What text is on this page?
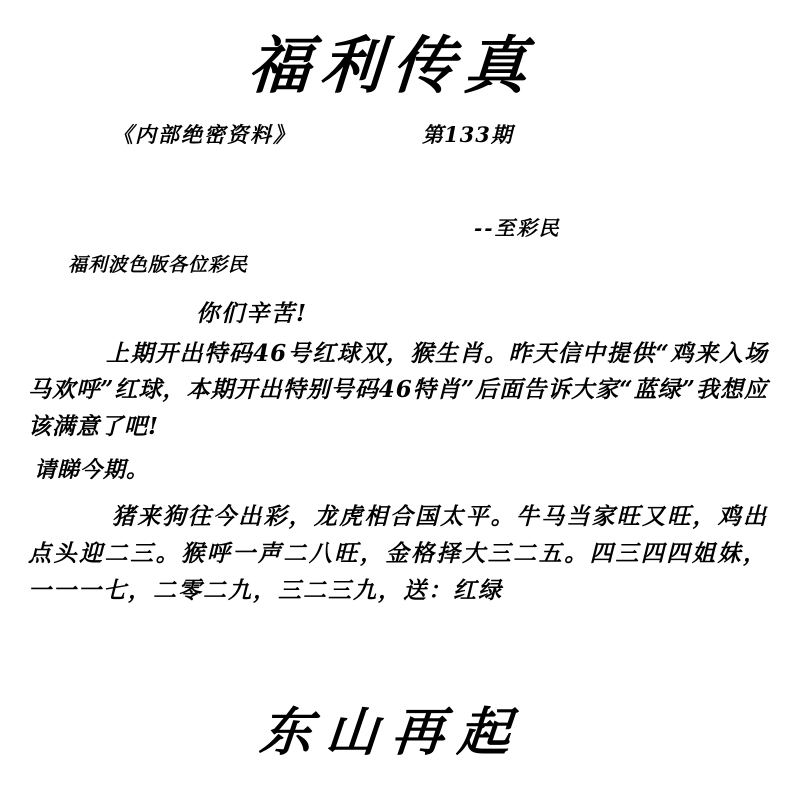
福利传真
《内部绝密资料》	第133期
--至彩民
福利波色版各位彩民

你们辛苦!

上期开出特码46号红球双，猴生肖。昨天信中提供“鸡来入场马欢呼”红球，本期开出特别号码46特肖”后面告诉大家“蓝绿”我想应该满意了吧!

请睇今期。

猪来狗往今出彩，龙虎相合国太平。牛马当家旺又旺，鸡出点头迎二三。猴呼一声二八旺，金格择大三二五。四三四四姐妹，一一一七，二零二九，三二三九，送：红绿

东山再起
